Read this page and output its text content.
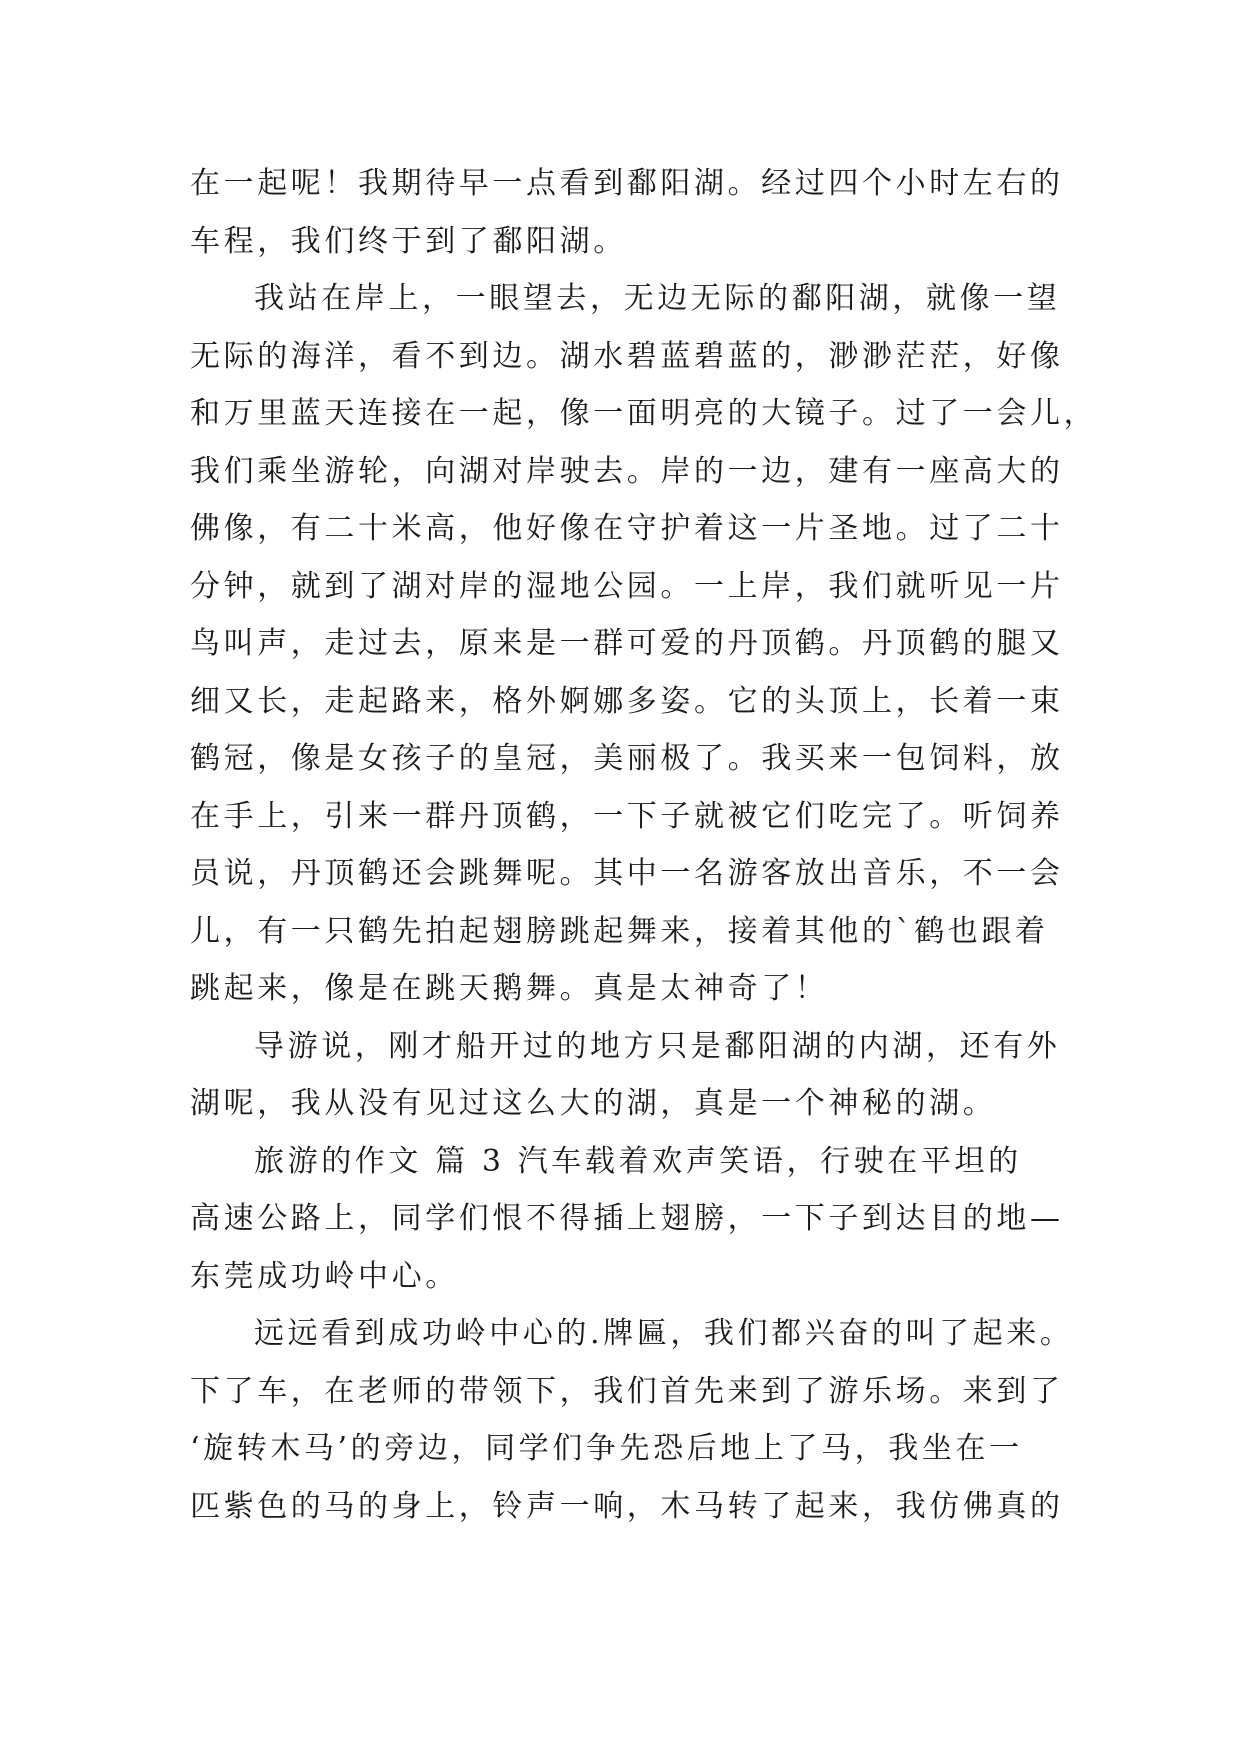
在一起呢！我期待早一点看到鄱阳湖。经过四个小时左右的
车程，我们终于到了鄱阳湖。
我站在岸上，一眼望去，无边无际的鄱阳湖，就像一望
无际的海洋，看不到边。湖水碧蓝碧蓝的，渺渺茫茫，好像
和万里蓝天连接在一起，像一面明亮的大镜子。过了一会儿，
我们乘坐游轮，向湖对岸驶去。岸的一边，建有一座高大的
佛像，有二十米高，他好像在守护着这一片圣地。过了二十
分钟，就到了湖对岸的湿地公园。一上岸，我们就听见一片
鸟叫声，走过去，原来是一群可爱的丹顶鹤。丹顶鹤的腿又
细又长，走起路来，格外婀娜多姿。它的头顶上，长着一束
鹤冠，像是女孩子的皇冠，美丽极了。我买来一包饲料，放
在手上，引来一群丹顶鹤，一下子就被它们吃完了。听饲养
员说，丹顶鹤还会跳舞呢。其中一名游客放出音乐，不一会
儿，有一只鹤先拍起翅膀跳起舞来，接着其他的`鹤也跟着
跳起来，像是在跳天鹅舞。真是太神奇了！
导游说，刚才船开过的地方只是鄱阳湖的内湖，还有外
湖呢，我从没有见过这么大的湖，真是一个神秘的湖。
旅游的作文 篇 3 汽车载着欢声笑语，行驶在平坦的
高速公路上，同学们恨不得插上翅膀，一下子到达目的地—
东莞成功岭中心。
远远看到成功岭中心的.牌匾，我们都兴奋的叫了起来。
下了车，在老师的带领下，我们首先来到了游乐场。来到了
‘旋转木马’的旁边，同学们争先恐后地上了马，我坐在一
匹紫色的马的身上，铃声一响，木马转了起来，我仿佛真的
